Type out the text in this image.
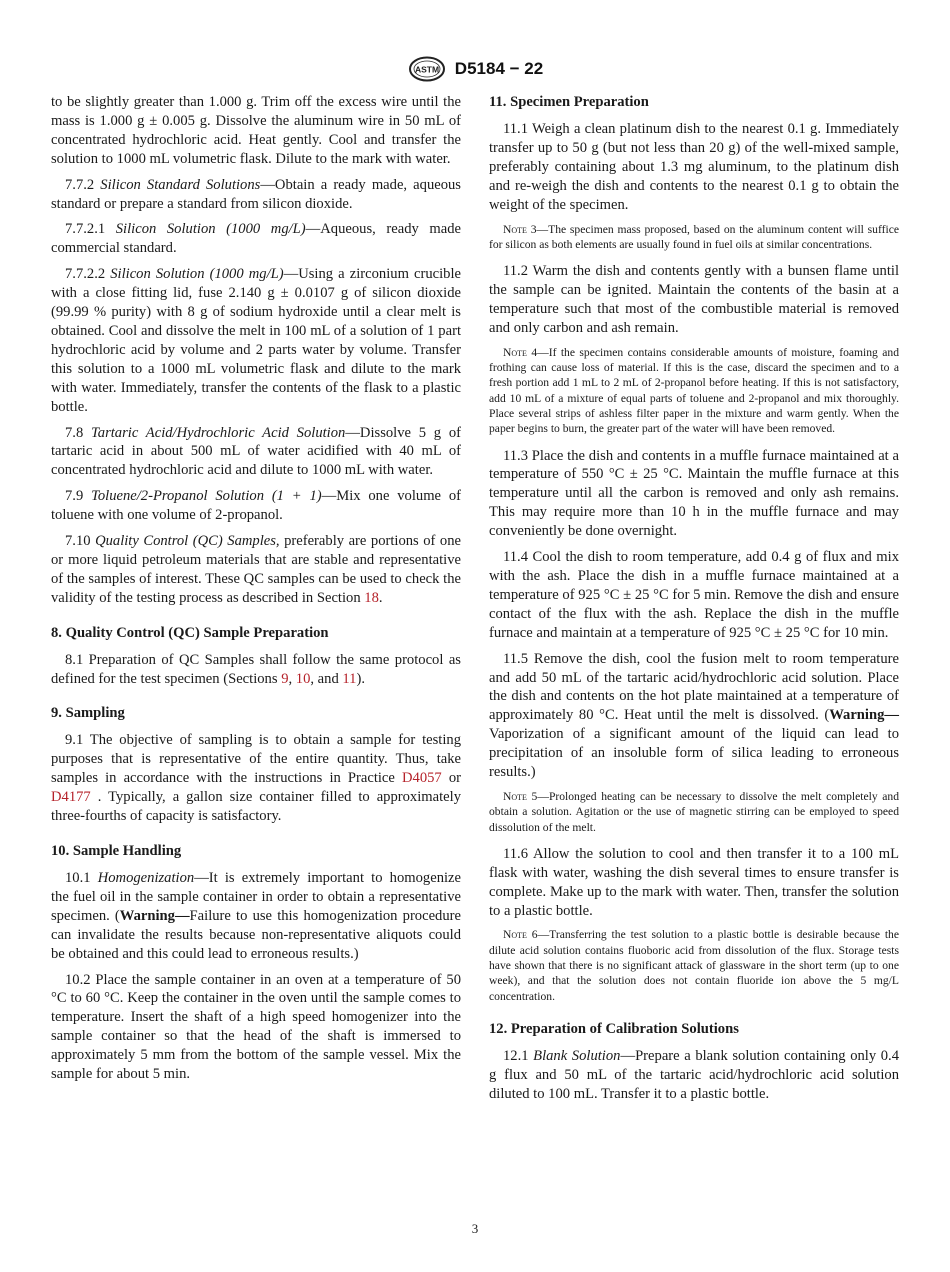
ASTM D5184 − 22

to be slightly greater than 1.000 g. Trim off the excess wire until the mass is 1.000 g ± 0.005 g. Dissolve the aluminum wire in 50 mL of concentrated hydrochloric acid. Heat gently. Cool and transfer the solution to 1000 mL volumetric flask. Dilute to the mark with water.

7.7.2 Silicon Standard Solutions—Obtain a ready made, aqueous standard or prepare a standard from silicon dioxide.

7.7.2.1 Silicon Solution (1000 mg/L)—Aqueous, ready made commercial standard.

7.7.2.2 Silicon Solution (1000 mg/L)—Using a zirconium crucible with a close fitting lid, fuse 2.140 g ± 0.0107 g of silicon dioxide (99.99 % purity) with 8 g of sodium hydroxide until a clear melt is obtained. Cool and dissolve the melt in 100 mL of a solution of 1 part hydrochloric acid by volume and 2 parts water by volume. Transfer this solution to a 1000 mL volumetric flask and dilute to the mark with water. Immediately, transfer the contents of the flask to a plastic bottle.

7.8 Tartaric Acid/Hydrochloric Acid Solution—Dissolve 5 g of tartaric acid in about 500 mL of water acidified with 40 mL of concentrated hydrochloric acid and dilute to 1000 mL with water.

7.9 Toluene/2-Propanol Solution (1 + 1)—Mix one volume of toluene with one volume of 2-propanol.

7.10 Quality Control (QC) Samples, preferably are portions of one or more liquid petroleum materials that are stable and representative of the samples of interest. These QC samples can be used to check the validity of the testing process as described in Section 18.

8. Quality Control (QC) Sample Preparation

8.1 Preparation of QC Samples shall follow the same protocol as defined for the test specimen (Sections 9, 10, and 11).

9. Sampling

9.1 The objective of sampling is to obtain a sample for testing purposes that is representative of the entire quantity. Thus, take samples in accordance with the instructions in Practice D4057 or D4177 . Typically, a gallon size container filled to approximately three-fourths of capacity is satisfactory.

10. Sample Handling

10.1 Homogenization—It is extremely important to homogenize the fuel oil in the sample container in order to obtain a representative specimen. (Warning—Failure to use this homogenization procedure can invalidate the results because non-representative aliquots could be obtained and this could lead to erroneous results.)

10.2 Place the sample container in an oven at a temperature of 50 °C to 60 °C. Keep the container in the oven until the sample comes to temperature. Insert the shaft of a high speed homogenizer into the sample container so that the head of the shaft is immersed to approximately 5 mm from the bottom of the sample vessel. Mix the sample for about 5 min.

11. Specimen Preparation

11.1 Weigh a clean platinum dish to the nearest 0.1 g. Immediately transfer up to 50 g (but not less than 20 g) of the well-mixed sample, preferably containing about 1.3 mg aluminum, to the platinum dish and re-weigh the dish and contents to the nearest 0.1 g to obtain the weight of the specimen.

Note 3—The specimen mass proposed, based on the aluminum content will suffice for silicon as both elements are usually found in fuel oils at similar concentrations.

11.2 Warm the dish and contents gently with a bunsen flame until the sample can be ignited. Maintain the contents of the basin at a temperature such that most of the combustible material is removed and only carbon and ash remain.

Note 4—If the specimen contains considerable amounts of moisture, foaming and frothing can cause loss of material. If this is the case, discard the specimen and to a fresh portion add 1 mL to 2 mL of 2-propanol before heating. If this is not satisfactory, add 10 mL of a mixture of equal parts of toluene and 2-propanol and mix thoroughly. Place several strips of ashless filter paper in the mixture and warm gently. When the paper begins to burn, the greater part of the water will have been removed.

11.3 Place the dish and contents in a muffle furnace maintained at a temperature of 550 °C ± 25 °C. Maintain the muffle furnace at this temperature until all the carbon is removed and only ash remains. This may require more than 10 h in the muffle furnace and may conveniently be done overnight.

11.4 Cool the dish to room temperature, add 0.4 g of flux and mix with the ash. Place the dish in a muffle furnace maintained at a temperature of 925 °C ± 25 °C for 5 min. Remove the dish and ensure contact of the flux with the ash. Replace the dish in the muffle furnace and maintain at a temperature of 925 °C ± 25 °C for 10 min.

11.5 Remove the dish, cool the fusion melt to room temperature and add 50 mL of the tartaric acid/hydrochloric acid solution. Place the dish and contents on the hot plate maintained at a temperature of approximately 80 °C. Heat until the melt is dissolved. (Warning—Vaporization of a significant amount of the liquid can lead to precipitation of an insoluble form of silica leading to erroneous results.)

Note 5—Prolonged heating can be necessary to dissolve the melt completely and obtain a solution. Agitation or the use of magnetic stirring can be employed to speed dissolution of the melt.

11.6 Allow the solution to cool and then transfer it to a 100 mL flask with water, washing the dish several times to ensure transfer is complete. Make up to the mark with water. Then, transfer the solution to a plastic bottle.

Note 6—Transferring the test solution to a plastic bottle is desirable because the dilute acid solution contains fluoboric acid from dissolution of the flux. Storage tests have shown that there is no significant attack of glassware in the short term (up to one week), and that the solution does not contain fluoride ion above the 5 mg/L concentration.

12. Preparation of Calibration Solutions

12.1 Blank Solution—Prepare a blank solution containing only 0.4 g flux and 50 mL of the tartaric acid/hydrochloric acid solution diluted to 100 mL. Transfer it to a plastic bottle.

3
